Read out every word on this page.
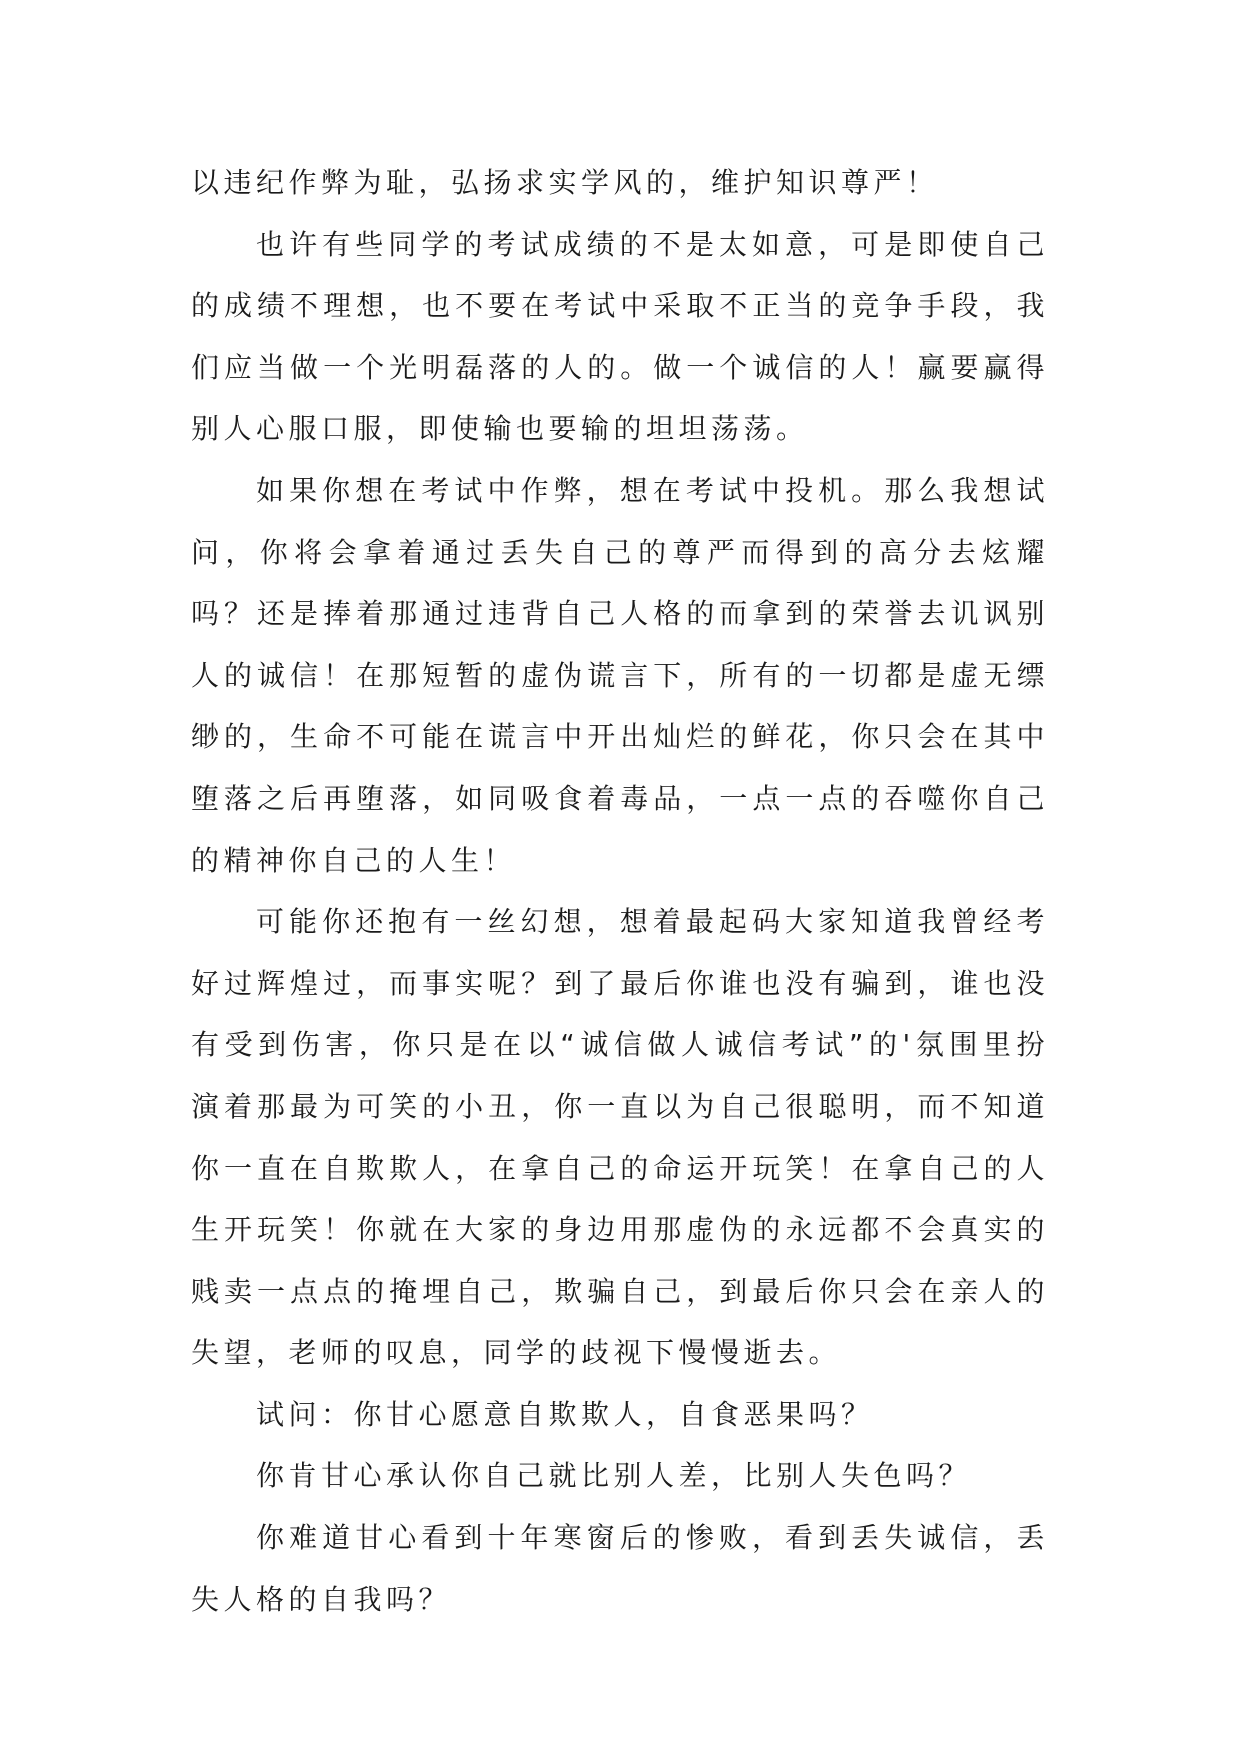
以违纪作弊为耻，弘扬求实学风的，维护知识尊严！

也许有些同学的考试成绩的不是太如意，可是即使自己的成绩不理想，也不要在考试中采取不正当的竞争手段，我们应当做一个光明磊落的人的。做一个诚信的人！赢要赢得别人心服口服，即使输也要输的坦坦荡荡。

如果你想在考试中作弊，想在考试中投机。那么我想试问，你将会拿着通过丢失自己的尊严而得到的高分去炫耀吗？还是捧着那通过违背自己人格的而拿到的荣誉去讥讽别人的诚信！在那短暂的虚伪谎言下，所有的一切都是虚无缥缈的，生命不可能在谎言中开出灿烂的鲜花，你只会在其中堕落之后再堕落，如同吸食着毒品，一点一点的吞噬你自己的精神你自己的人生！

可能你还抱有一丝幻想，想着最起码大家知道我曾经考好过辉煌过，而事实呢？到了最后你谁也没有骗到，谁也没有受到伤害，你只是在以“诚信做人诚信考试”的'氛围里扮演着那最为可笑的小丑，你一直以为自己很聪明，而不知道你一直在自欺欺人，在拿自己的命运开玩笑！在拿自己的人生开玩笑！你就在大家的身边用那虚伪的永远都不会真实的贱卖一点点的掩埋自己，欺骗自己，到最后你只会在亲人的失望，老师的叹息，同学的歧视下慢慢逝去。

试问：你甘心愿意自欺欺人，自食恶果吗？

你肯甘心承认你自己就比别人差，比别人失色吗？

你难道甘心看到十年寒窗后的惨败，看到丢失诚信，丢失人格的自我吗？
